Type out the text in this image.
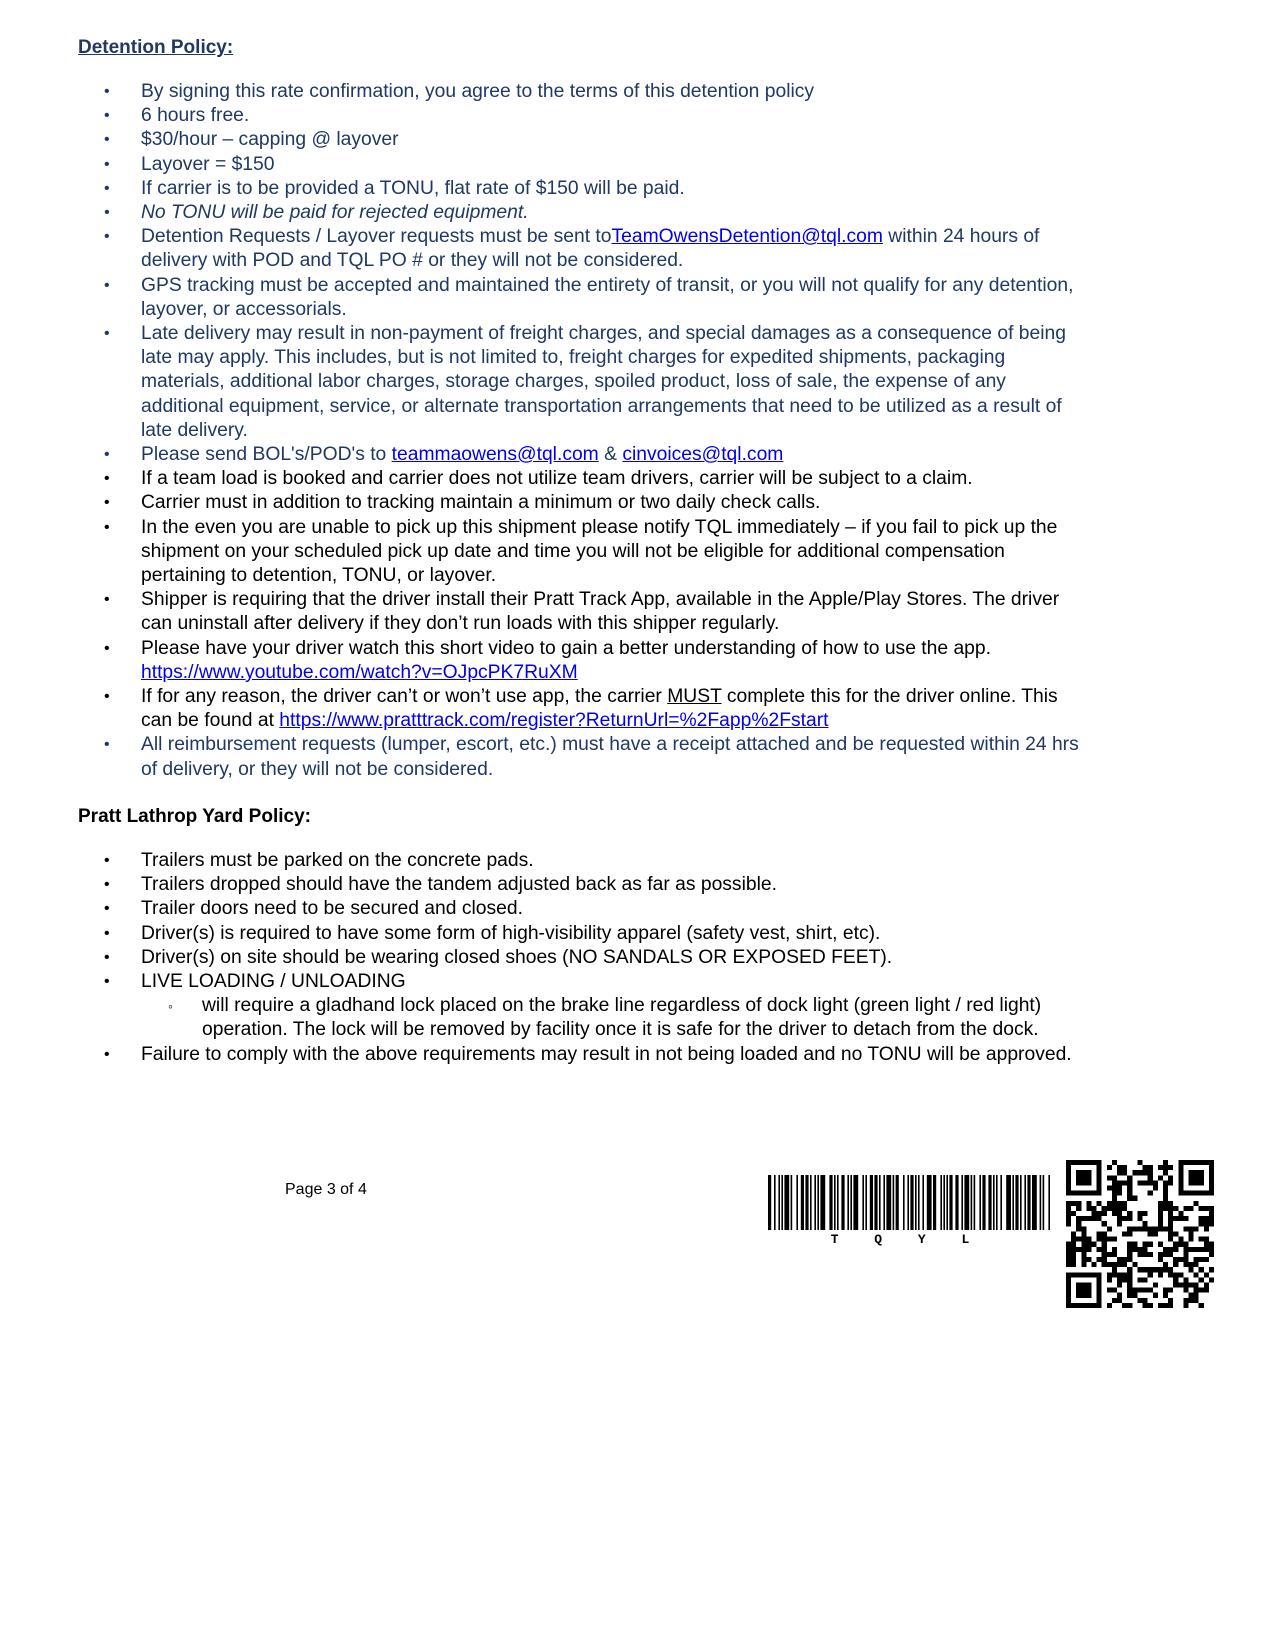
Detention Policy:
• By signing this rate confirmation, you agree to the terms of this detention policy
• 6 hours free.
• $30/hour – capping @ layover
• Layover = $150
• If carrier is to be provided a TONU, flat rate of $150 will be paid.
• No TONU will be paid for rejected equipment.
• Detention Requests / Layover requests must be sent toTeamOwensDetention@tql.com within 24 hours of delivery with POD and TQL PO # or they will not be considered.
• GPS tracking must be accepted and maintained the entirety of transit, or you will not qualify for any detention, layover, or accessorials.
• Late delivery may result in non-payment of freight charges, and special damages as a consequence of being late may apply. This includes, but is not limited to, freight charges for expedited shipments, packaging materials, additional labor charges, storage charges, spoiled product, loss of sale, the expense of any additional equipment, service, or alternate transportation arrangements that need to be utilized as a result of late delivery.
• Please send BOL's/POD's to teammaowens@tql.com & cinvoices@tql.com
• If a team load is booked and carrier does not utilize team drivers, carrier will be subject to a claim.
• Carrier must in addition to tracking maintain a minimum or two daily check calls.
• In the even you are unable to pick up this shipment please notify TQL immediately – if you fail to pick up the shipment on your scheduled pick up date and time you will not be eligible for additional compensation pertaining to detention, TONU, or layover.
• Shipper is requiring that the driver install their Pratt Track App, available in the Apple/Play Stores. The driver can uninstall after delivery if they don’t run loads with this shipper regularly.
• Please have your driver watch this short video to gain a better understanding of how to use the app. https://www.youtube.com/watch?v=OJpcPK7RuXM
• If for any reason, the driver can’t or won’t use app, the carrier MUST complete this for the driver online. This can be found at https://www.pratttrack.com/register?ReturnUrl=%2Fapp%2Fstart
• All reimbursement requests (lumper, escort, etc.) must have a receipt attached and be requested within 24 hrs of delivery, or they will not be considered.
Pratt Lathrop Yard Policy:
• Trailers must be parked on the concrete pads.
• Trailers dropped should have the tandem adjusted back as far as possible.
• Trailer doors need to be secured and closed.
• Driver(s) is required to have some form of high-visibility apparel (safety vest, shirt, etc).
• Driver(s) on site should be wearing closed shoes (NO SANDALS OR EXPOSED FEET).
• LIVE LOADING / UNLOADING
◦ will require a gladhand lock placed on the brake line regardless of dock light (green light / red light) operation. The lock will be removed by facility once it is safe for the driver to detach from the dock.
• Failure to comply with the above requirements may result in not being loaded and no TONU will be approved.
Page 3 of 4
T Q Y L
